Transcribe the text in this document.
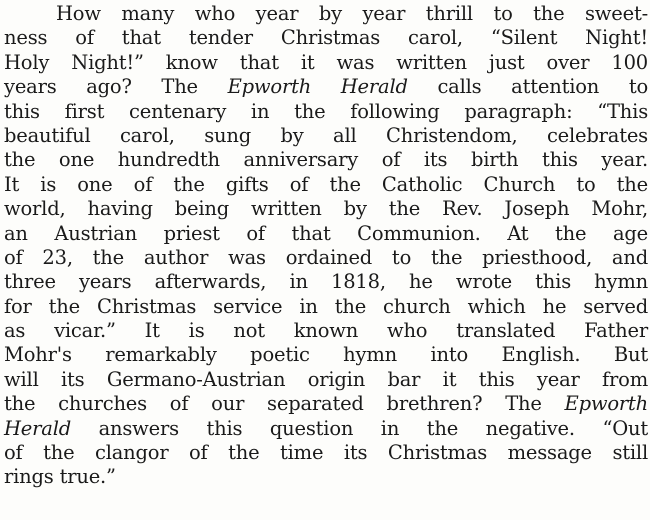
How many who year by year thrill to the sweet-
ness of that tender Christmas carol, “Silent Night!
Holy Night!” know that it was written just over 100
years ago? The Epworth Herald calls attention to
this first centenary in the following paragraph: “This
beautiful carol, sung by all Christendom, celebrates
the one hundredth anniversary of its birth this year.
It is one of the gifts of the Catholic Church to the
world, having being written by the Rev. Joseph Mohr,
an Austrian priest of that Communion. At the age
of 23, the author was ordained to the priesthood, and
three years afterwards, in 1818, he wrote this hymn
for the Christmas service in the church which he served
as vicar.” It is not known who translated Father
Mohr's remarkably poetic hymn into English. But
will its Germano-Austrian origin bar it this year from
the churches of our separated brethren? The Epworth
Herald answers this question in the negative. “Out
of the clangor of the time its Christmas message still
rings true.”
